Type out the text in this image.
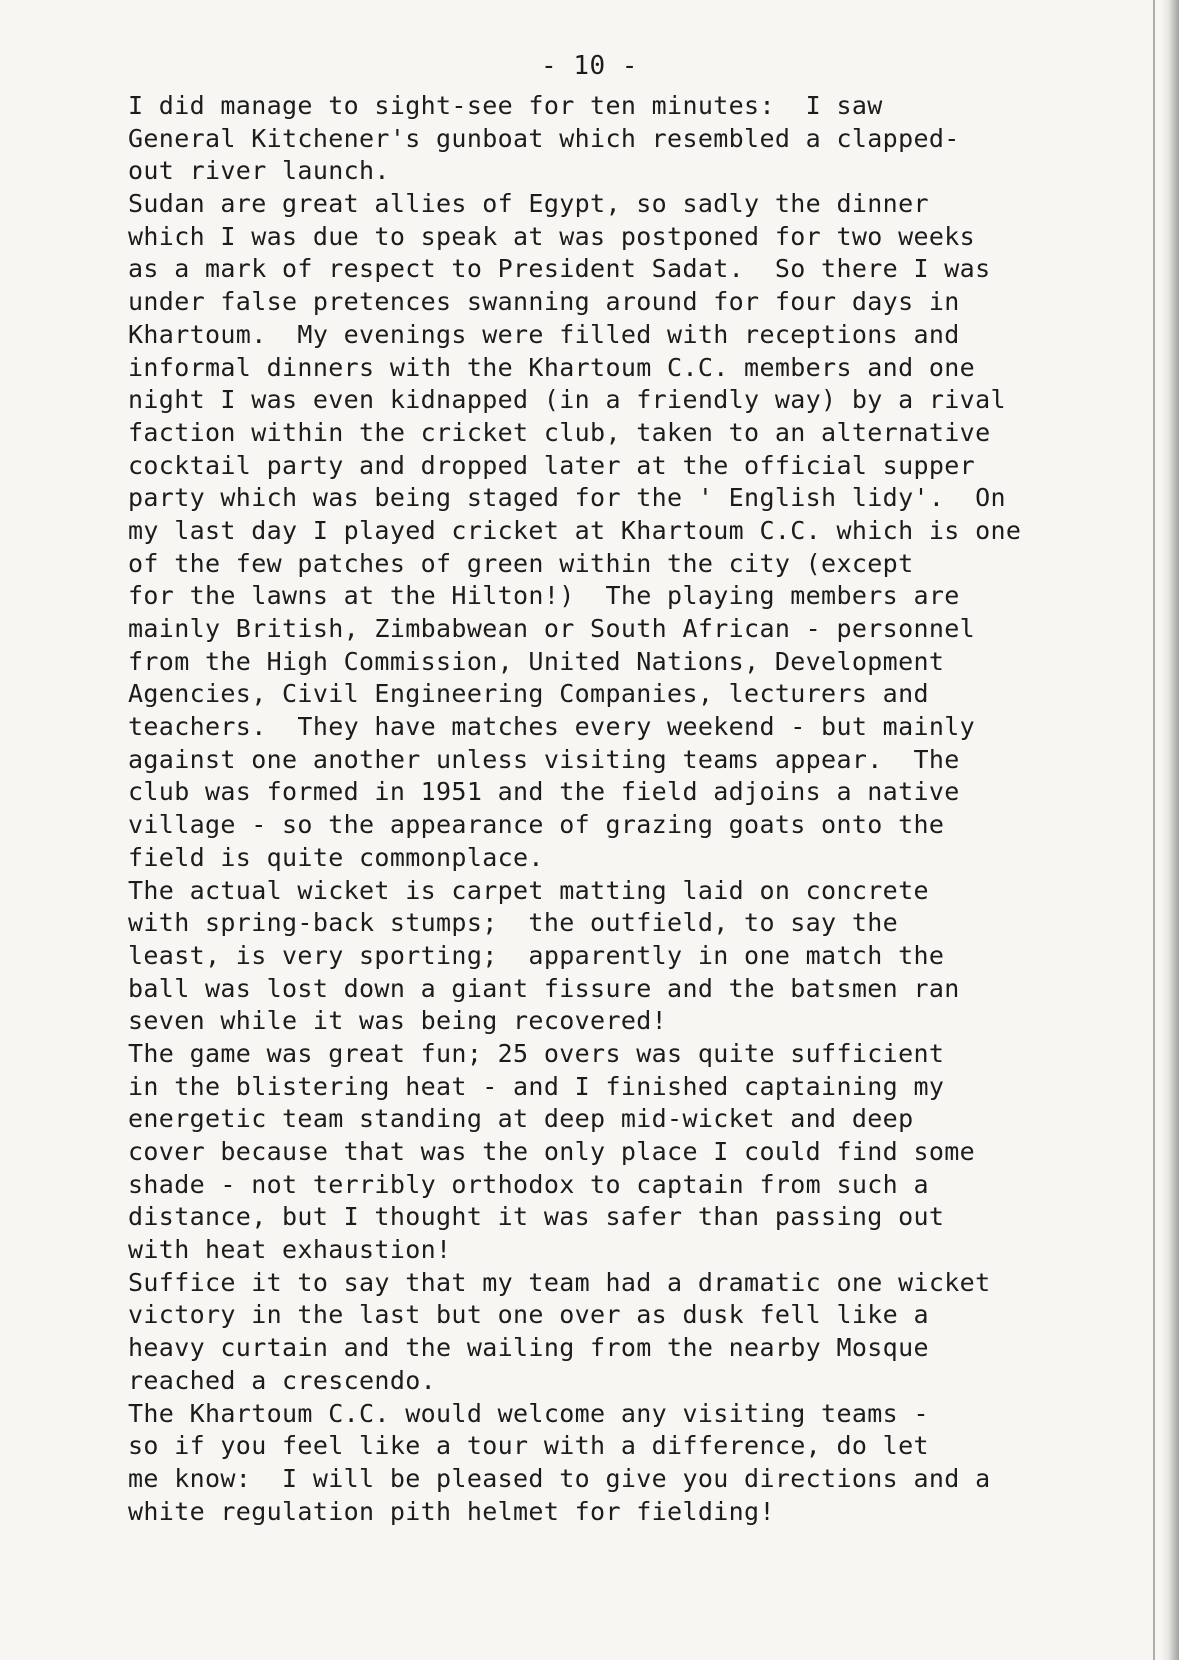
- 10 -
I did manage to sight-see for ten minutes:  I saw
General Kitchener's gunboat which resembled a clapped-
out river launch.
Sudan are great allies of Egypt, so sadly the dinner
which I was due to speak at was postponed for two weeks
as a mark of respect to President Sadat.  So there I was
under false pretences swanning around for four days in
Khartoum.  My evenings were filled with receptions and
informal dinners with the Khartoum C.C. members and one
night I was even kidnapped (in a friendly way) by a rival
faction within the cricket club, taken to an alternative
cocktail party and dropped later at the official supper
party which was being staged for the ' English lidy'.  On
my last day I played cricket at Khartoum C.C. which is one
of the few patches of green within the city (except
for the lawns at the Hilton!)  The playing members are
mainly British, Zimbabwean or South African - personnel
from the High Commission, United Nations, Development
Agencies, Civil Engineering Companies, lecturers and
teachers.  They have matches every weekend - but mainly
against one another unless visiting teams appear.  The
club was formed in 1951 and the field adjoins a native
village - so the appearance of grazing goats onto the
field is quite commonplace.
The actual wicket is carpet matting laid on concrete
with spring-back stumps;  the outfield, to say the
least, is very sporting;  apparently in one match the
ball was lost down a giant fissure and the batsmen ran
seven while it was being recovered!
The game was great fun; 25 overs was quite sufficient
in the blistering heat - and I finished captaining my
energetic team standing at deep mid-wicket and deep
cover because that was the only place I could find some
shade - not terribly orthodox to captain from such a
distance, but I thought it was safer than passing out
with heat exhaustion!
Suffice it to say that my team had a dramatic one wicket
victory in the last but one over as dusk fell like a
heavy curtain and the wailing from the nearby Mosque
reached a crescendo.
The Khartoum C.C. would welcome any visiting teams -
so if you feel like a tour with a difference, do let
me know:  I will be pleased to give you directions and a
white regulation pith helmet for fielding!
